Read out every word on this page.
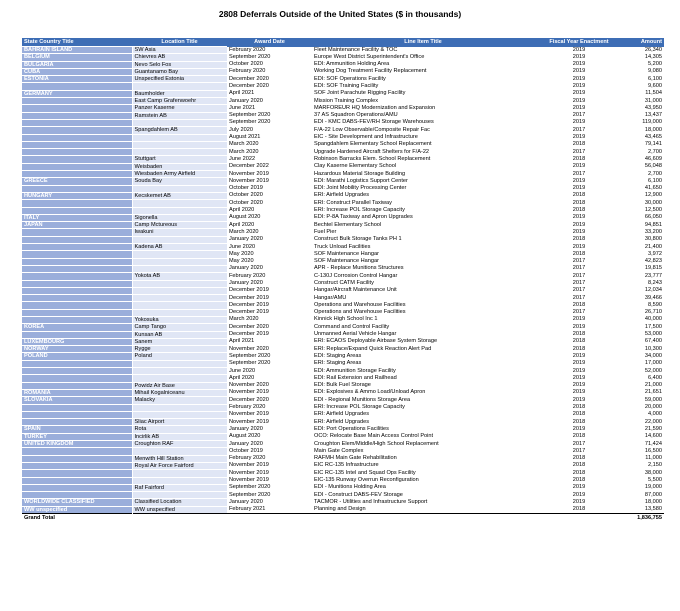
2808 Deferrals Outside of the United States ($ in thousands)
State Country Title	Location Title	Award Date	Line Item Title	Fiscal Year Enactment	Amount
BAHRAIN ISLAND	SW Asia	February 2020	Fleet Maintenance Facility & TOC	2019	26,340
BELGIUM	Chievres AB	September 2020	Europe West District Superintendent's Office	2019	14,305
BULGARIA	Nevo Selo Fos	October 2020	EDI: Ammunition Holding Area	2019	5,200
CUBA	Guantanamo Bay	February 2020	Working Dog Treatment Facility Replacement	2019	9,080
ESTONIA	Unspecified Estonia	December 2020	EDI: SOF Operations Facility	2019	6,100
		December 2020	EDI: SOF Training Facility	2019	9,600
GERMANY	Baumholder	April 2021	SOF Joint Parachute Rigging Facility	2019	11,504
	East Camp Grafenwoehr	January 2020	Mission Training Complex	2019	31,000
	Panzer Kaserne	June 2021	MARFOREUR HQ Modernization and Expansion	2019	43,950
	Ramstein AB	September 2020	37 AS Squadron Operations/AMU	2017	13,437
		September 2020	EDI - KMC DABS-FEV/RH Storage Warehouses	2019	119,000
	Spangdahlem AB	July 2020	F/A-22 Low Observable/Composite Repair Fac	2017	18,000
		August 2021	EIC - Site Development and Infrastructure	2019	43,465
		March 2020	Spangdahlem Elementary School Replacement	2018	79,141
		March 2020	Upgrade Hardened Aircraft Shelters for F/A-22	2017	2,700
	Stuttgart	June 2022	Robinson Barracks Elem. School Replacement	2018	46,609
	Weisbaden	December 2022	Clay Kaserne Elementary School	2019	56,048
	Wiesbaden Army Airfield	November 2019	Hazardous Material Storage Building	2017	2,700
GREECE	Souda Bay	November 2019	EDI: Marathi Logistics Support Center	2019	6,100
		October 2019	EDI: Joint Mobility Processing Center	2019	41,650
HUNGARY	Kecskemet AB	October 2020	ERI: Airfield Upgrades	2018	12,900
		October 2020	ERI: Construct Parallel Taxiway	2018	30,000
		April 2020	ERI: Increase POL Storage Capacity	2018	12,500
ITALY	Sigonella	August 2020	EDI: P-8A Taxiway and Apron Upgrades	2019	66,050
JAPAN	Camp Mctureous	April 2020	Bechtel Elementary School	2019	94,851
	Iwakuni	March 2020	Fuel Pier	2019	33,200
		January 2020	Construct Bulk Storage Tanks PH 1	2018	30,800
	Kadena AB	June 2020	Truck Unload Facilities	2019	21,400
		May 2020	SOF Maintenance Hangar	2018	3,972
		May 2020	SOF Maintenance Hangar	2017	42,823
		January 2020	APR - Replace Munitions Structures	2017	19,815
	Yokota AB	February 2020	C-130J Corrosion Control Hangar	2017	23,777
		January 2020	Construct CATM Facility	2017	8,243
		December 2019	Hangar/Aircraft Maintenance Unit	2017	12,034
		December 2019	Hangar/AMU	2017	39,466
		December 2019	Operations and Warehouse Facilities	2018	8,590
		December 2019	Operations and Warehouse Facilities	2017	26,710
	Yokosuka	March 2020	Kinnick High School Inc 1	2019	40,000
KOREA	Camp Tango	December 2020	Command and Control Facility	2019	17,500
	Kunsan AB	December 2019	Unmanned Aerial Vehicle Hangar	2018	53,000
LUXEMBOURG	Sanem	April 2021	ERI: ECAOS Deployable Airbase System Storage	2018	67,400
NORWAY	Rygge	November 2020	ERI: Replace/Expand Quick Reaction Alert Pad	2018	10,300
POLAND	Poland	September 2020	EDI: Staging Areas	2019	34,000
		September 2020	ERI: Staging Areas	2019	17,000
		June 2020	EDI: Ammunition Storage Facility	2019	52,000
		April 2020	EDI: Rail Extension and Railhead	2019	6,400
	Powidz Air Base	November 2020	EDI: Bulk Fuel Storage	2019	21,000
ROMANIA	Mihail Kogalniceanu	November 2019	EDI: Explosives & Ammo Load/Unload Apron	2019	21,651
SLOVAKIA	Malacky	December 2020	EDI - Regional Munitions Storage Area	2019	59,000
		February 2020	ERI: Increase POL Storage Capacity	2018	20,000
		November 2019	ERI: Airfield Upgrades	2018	4,000
	Sliac Airport	November 2019	ERI: Airfield Upgrades	2018	22,000
SPAIN	Rota	January 2020	EDI: Port Operations Facilities	2019	21,590
TURKEY	Incirlik AB	August 2020	OCO: Relocate Base Main Access Control Point	2018	14,600
UNITED KINGDOM	Croughton RAF	January 2020	Croughton Elem/Middle/High School Replacement	2017	71,424
		October 2019	Main Gate Complex	2017	16,500
	Menwith Hill Station	February 2020	RAFMH Main Gate Rehabilitation	2018	11,000
	Royal Air Force Fairford	November 2019	EIC RC-135 Infrastructure	2018	2,150
		November 2019	EIC RC-135 Intel and Squad Ops Facility	2018	38,000
		November 2019	EIC-135 Runway Overrun Reconfiguration	2018	5,500
	Raf Fairford	September 2020	EDI - Munitions Holding Area	2019	19,000
		September 2020	EDI - Construct DABS-FEV Storage	2019	87,000
WORLDWIDE CLASSIFIED	Classified Location	January 2020	TACMOR - Utilities and Infrastructure Support	2019	18,000
WW unspecified	WW unspecified	February 2021	Planning and Design	2018	13,580
Grand Total					1,836,755
